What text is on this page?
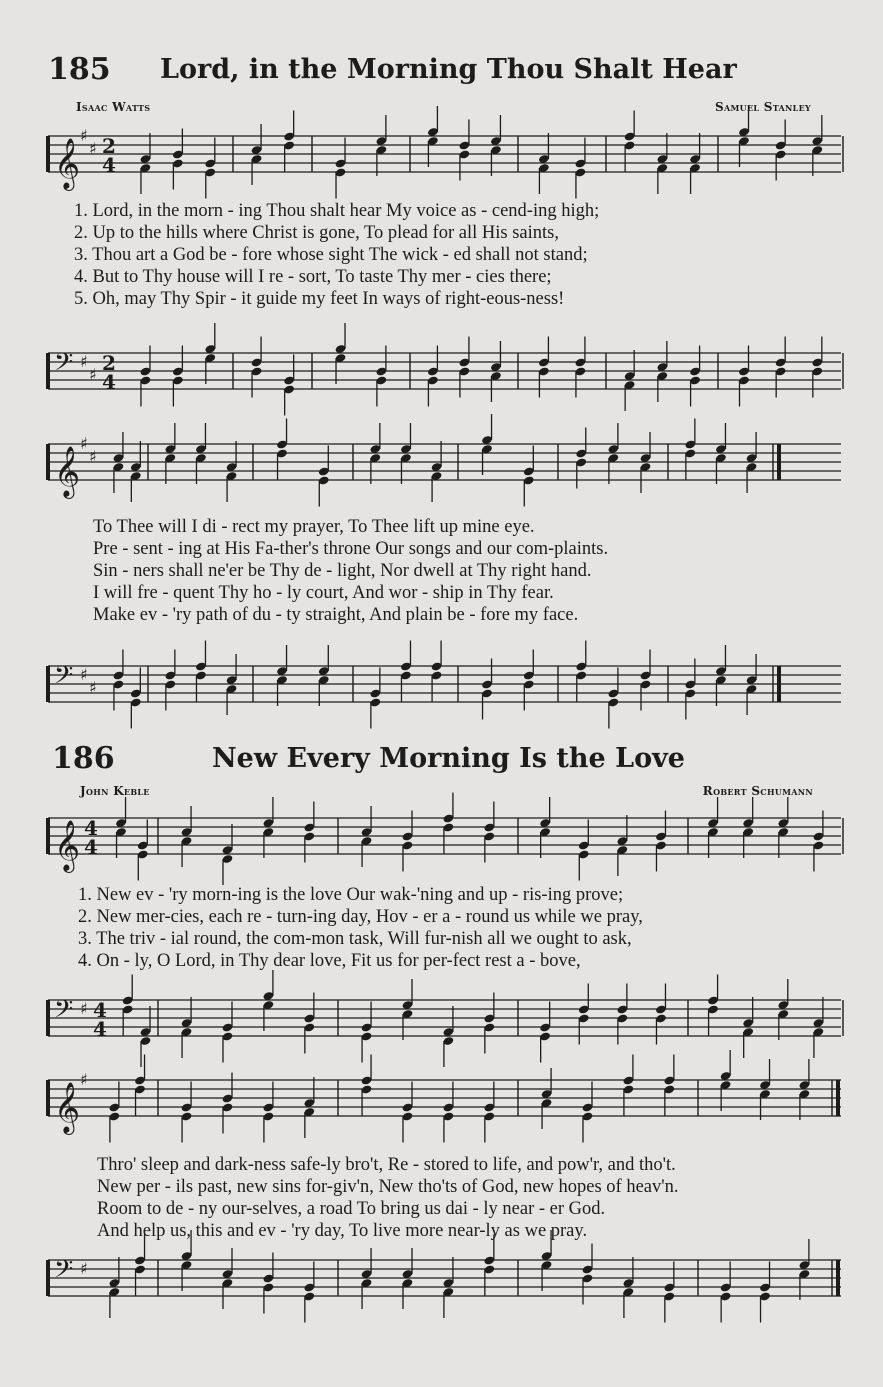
185 Lord, in the Morning Thou Shalt Hear
Isaac Watts	Samuel Stanley
𝄞
♯
♯ 2
4
1. Lord, in the morn - ing Thou shalt hear My voice as - cend-ing high;
2. Up to the hills where Christ is gone, To plead for all His saints,
3. Thou art a God be - fore whose sight The wick - ed shall not stand;
4. But to Thy house will I re - sort, To taste Thy mer - cies there;
5. Oh, may Thy Spir - it guide my feet In ways of right-eous-ness!
𝄢 ♯
♯ 2
4
𝄞
♯
♯
To Thee will I di - rect my prayer, To Thee lift up mine eye.
Pre - sent - ing at His Fa-ther's throne Our songs and our com-plaints.
Sin - ners shall ne'er be Thy de - light, Nor dwell at Thy right hand.
I will fre - quent Thy ho - ly court, And wor - ship in Thy fear.
Make ev - 'ry path of du - ty straight, And plain be - fore my face.
𝄢 ♯
♯
186	New Every Morning Is the Love
John Keble	Robert Schumann
𝄞 4
4
1. New ev - 'ry morn-ing is the love Our wak-'ning and up - ris-ing prove;
2. New mer-cies, each re - turn-ing day, Hov - er a - round us while we pray,
3. The triv - ial round, the com-mon task, Will fur-nish all we ought to ask,
4. On - ly, O Lord, in Thy dear love, Fit us for per-fect rest a - bove,
𝄢 ♯ 4
4
𝄞
♯
Thro' sleep and dark-ness safe-ly bro't, Re - stored to life, and pow'r, and tho't.
New per - ils past, new sins for-giv'n, New tho'ts of God, new hopes of heav'n.
Room to de - ny our-selves, a road To bring us dai - ly near - er God.
And help us, this and ev - 'ry day, To live more near-ly as we pray.
𝄢 ♯
